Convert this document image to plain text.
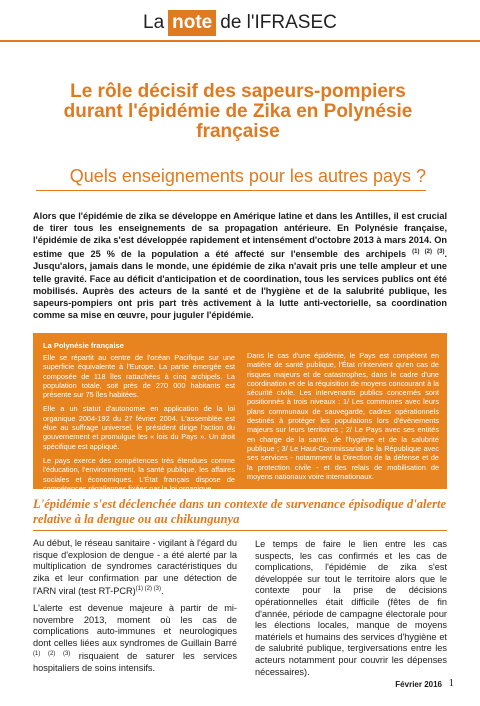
La note de l'IFRASEC
Le rôle décisif des sapeurs-pompiers durant l'épidémie de Zika en Polynésie française
Quels enseignements pour les autres pays ?

Alors que l'épidémie de zika se développe en Amérique latine et dans les Antilles, il est crucial de tirer tous les enseignements de sa propagation antérieure. En Polynésie française, l'épidémie de zika s'est développée rapidement et intensément d'octobre 2013 à mars 2014. On estime que 25 % de la population a été affecté sur l'ensemble des archipels $^{(1) (2) (3)}$. Jusqu'alors, jamais dans le monde, une épidémie de zika n'avait pris une telle ampleur et une telle gravité. Face au déficit d'anticipation et de coordination, tous les services publics ont été mobilisés. Auprès des acteurs de la santé et de l'hygiène et de la salubrité publique, les sapeurs-pompiers ont pris part très activement à la lutte anti-vectorielle, sa coordination comme sa mise en œuvre, pour juguler l'épidémie.

La Polynésie française

Elle se répartit au centre de l'océan Pacifique sur une superficie équivalente à l'Europe. La partie émergée est composée de 118 îles rattachées à cinq archipels. La population totale, soit près de 270 000 habitants est présente sur 75 îles habitées.

Elle a un statut d'autonomie en application de la loi organique 2004-192 du 27 février 2004. L'assemblée est élue au suffrage universel, le président dirige l'action du gouvernement et promulgue les « lois du Pays ». Un droit spécifique est appliqué.

Le pays exerce des compétences très étendues comme l'éducation, l'environnement, la santé publique, les affaires sociales et économiques. L'État français dispose de compétences régaliennes fixées par la loi organique.

Dans le cas d'une épidémie, le Pays est compétent en matière de santé publique, l'État n'intervient qu'en cas de risques majeurs et de catastrophes, dans le cadre d'une coordination et de la réquisition de moyens concourant à la sécurité civile. Les intervenants publics concernés sont positionnés à trois niveaux : 1/ Les communes avec leurs plans communaux de sauvegarde, cadres opérationnels destinés à protéger les populations lors d'évènements majeurs sur leurs territoires ; 2/ Le Pays avec ses entités en charge de la santé, de l'hygiène et de la salubrité publique ; 3/ Le Haut-Commissariat de la République avec ses services - notamment la Direction de la défense et de la protection civile - et des relais de mobilisation de moyens nationaux voire internationaux.

L'épidémie s'est déclenchée dans un contexte de survenance épisodique d'alerte relative à la dengue ou au chikungunya

Au début, le réseau sanitaire - vigilant à l'égard du risque d'explosion de dengue - a été alerté par la multiplication de syndromes caractéristiques du zika et leur confirmation par une détection de l'ARN viral (test RT-PCR)$^{(1) (2) (3)}$.

L'alerte est devenue majeure à partir de mi-novembre 2013, moment où les cas de complications auto-immunes et neurologiques dont celles liées aux syndromes de Guillain Barré $^{(1) (2) (3)}$ risquaient de saturer les services hospitaliers de soins intensifs.

Le temps de faire le lien entre les cas suspects, les cas confirmés et les cas de complications, l'épidémie de zika s'est développée sur tout le territoire alors que le contexte pour la prise de décisions opérationnelles était difficile (fêtes de fin d'année, période de campagne électorale pour les élections locales, manque de moyens matériels et humains des services d'hygiène et de salubrité publique, tergiversations entre les acteurs notamment pour couvrir les dépenses nécessaires).

Février 2016 1
